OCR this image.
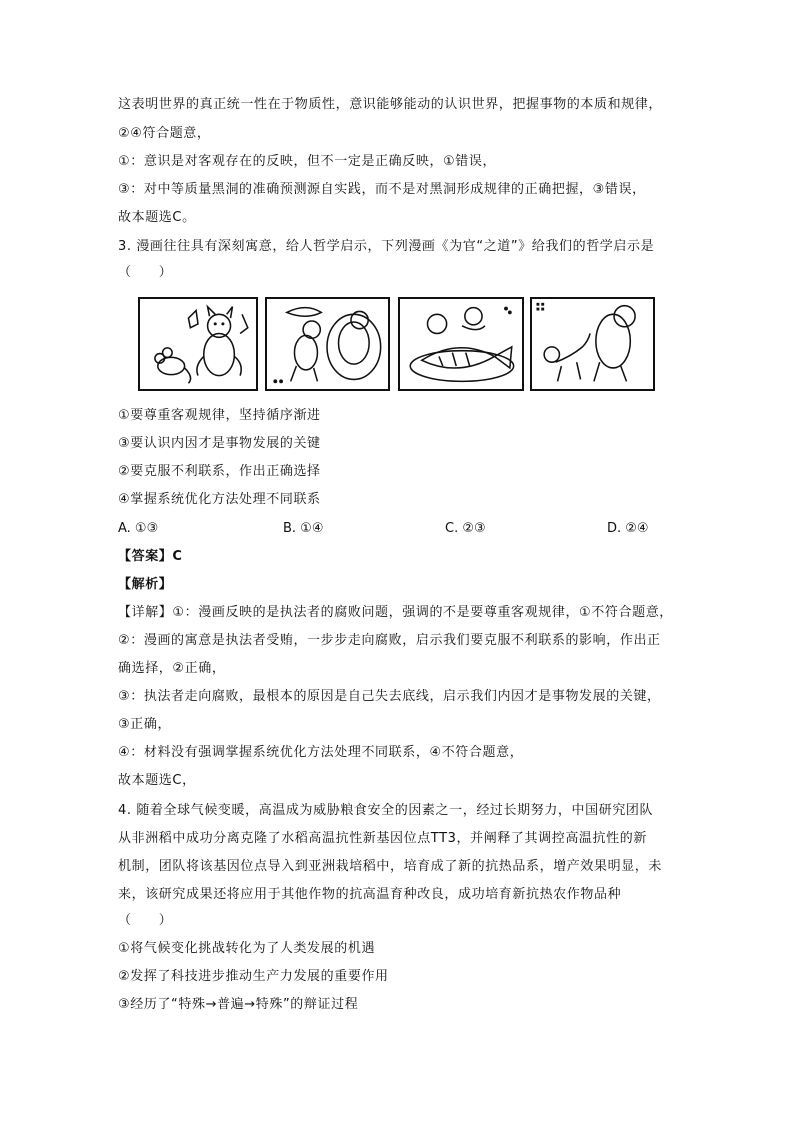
这表明世界的真正统一性在于物质性，意识能够能动的认识世界，把握事物的本质和规律，
②④符合题意，
①：意识是对客观存在的反映，但不一定是正确反映，①错误，
③：对中等质量黑洞的准确预测源自实践，而不是对黑洞形成规律的正确把握，③错误，
故本题选C。
3. 漫画往往具有深刻寓意，给人哲学启示，下列漫画《为官“之道”》给我们的哲学启示是
（　　）
①要尊重客观规律，坚持循序渐进
③要认识内因才是事物发展的关键
②要克服不利联系，作出正确选择
④掌握系统优化方法处理不同联系
A. ①③	B. ①④	C. ②③	D. ②④
【答案】C
【解析】
【详解】①：漫画反映的是执法者的腐败问题，强调的不是要尊重客观规律，①不符合题意，
②：漫画的寓意是执法者受贿，一步步走向腐败，启示我们要克服不利联系的影响，作出正
确选择，②正确，
③：执法者走向腐败，最根本的原因是自己失去底线，启示我们内因才是事物发展的关键，
③正确，
④：材料没有强调掌握系统优化方法处理不同联系，④不符合题意，
故本题选C，
4. 随着全球气候变暖，高温成为威胁粮食安全的因素之一，经过长期努力，中国研究团队
从非洲稻中成功分离克隆了水稻高温抗性新基因位点TT3，并阐释了其调控高温抗性的新
机制，团队将该基因位点导入到亚洲栽培稻中，培育成了新的抗热品系，增产效果明显，未
来，该研究成果还将应用于其他作物的抗高温育种改良，成功培育新抗热农作物品种
（　　）
①将气候变化挑战转化为了人类发展的机遇
②发挥了科技进步推动生产力发展的重要作用
③经历了“特殊→普遍→特殊”的辩证过程
